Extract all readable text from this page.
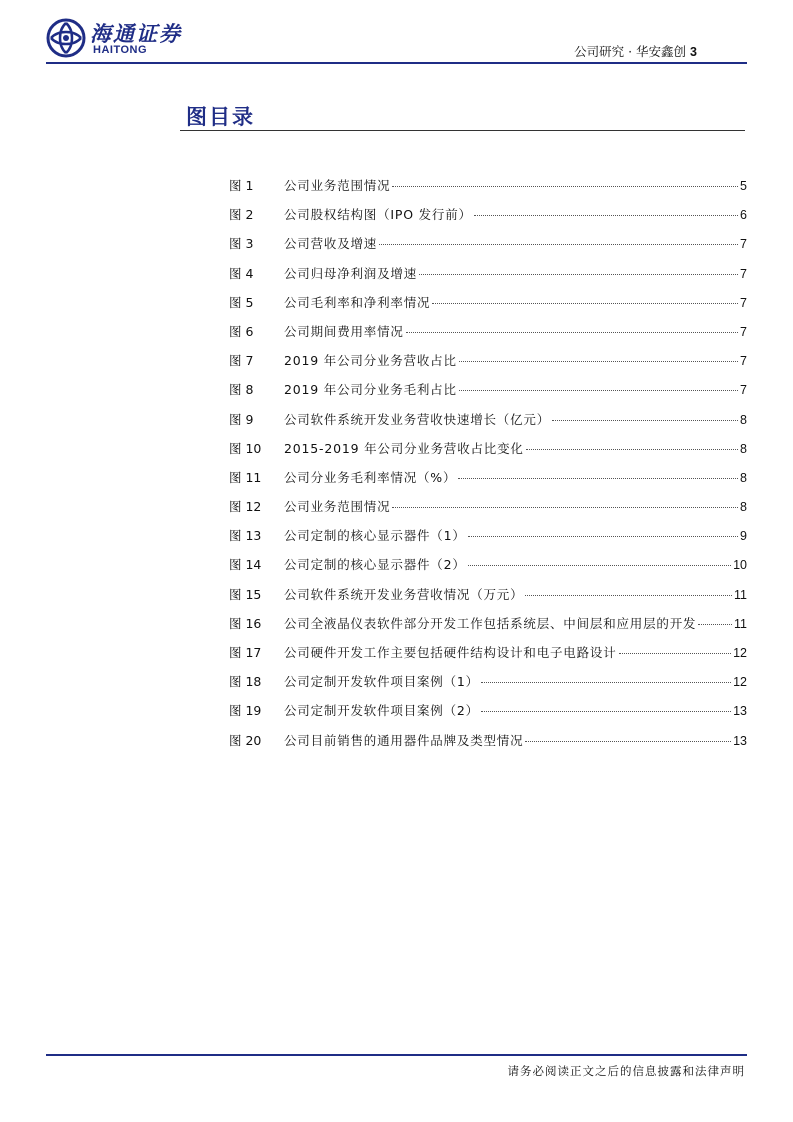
海通证券
HAITONG	公司研究 · 华安鑫创 3
图目录
图 1	公司业务范围情况	5
图 2	公司股权结构图（IPO 发行前）	6
图 3	公司营收及增速	7
图 4	公司归母净利润及增速	7
图 5	公司毛利率和净利率情况	7
图 6	公司期间费用率情况	7
图 7	2019 年公司分业务营收占比	7
图 8	2019 年公司分业务毛利占比	7
图 9	公司软件系统开发业务营收快速增长（亿元）	8
图 10	2015-2019 年公司分业务营收占比变化	8
图 11	公司分业务毛利率情况（%）	8
图 12	公司业务范围情况	8
图 13	公司定制的核心显示器件（1）	9
图 14	公司定制的核心显示器件（2）	10
图 15	公司软件系统开发业务营收情况（万元）	11
图 16	公司全液晶仪表软件部分开发工作包括系统层、中间层和应用层的开发	11
图 17	公司硬件开发工作主要包括硬件结构设计和电子电路设计	12
图 18	公司定制开发软件项目案例（1）	12
图 19	公司定制开发软件项目案例（2）	13
图 20	公司目前销售的通用器件品牌及类型情况	13
请务必阅读正文之后的信息披露和法律声明
